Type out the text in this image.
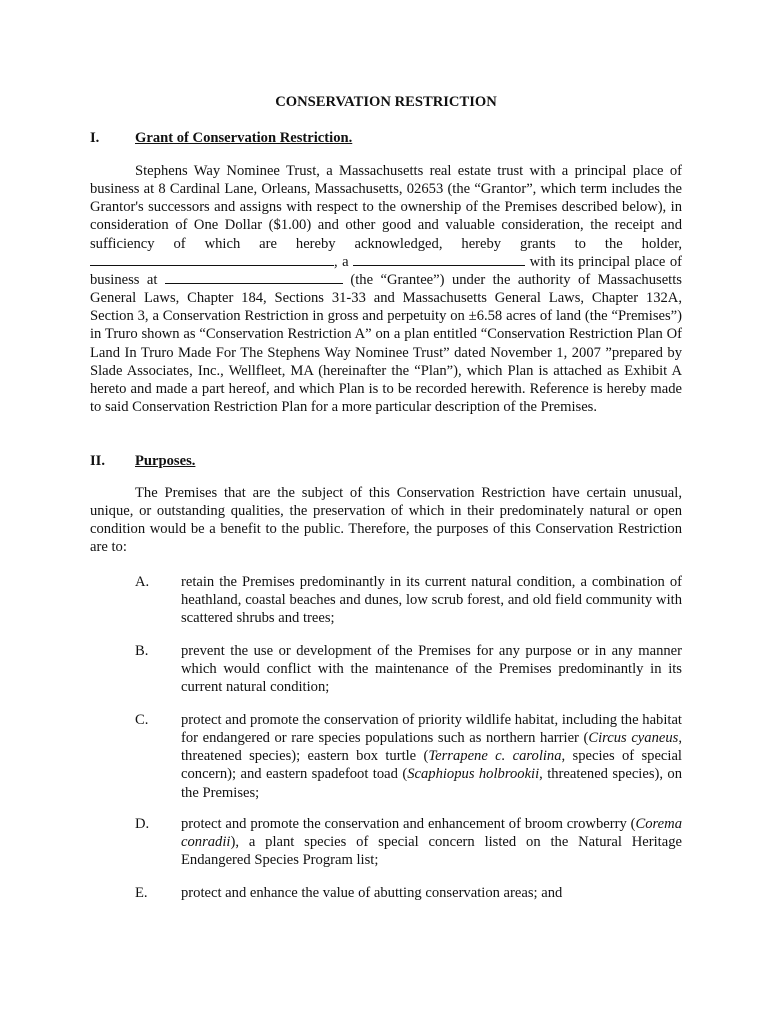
CONSERVATION RESTRICTION
I. Grant of Conservation Restriction.
Stephens Way Nominee Trust, a Massachusetts real estate trust with a principal place of business at 8 Cardinal Lane, Orleans, Massachusetts, 02653 (the “Grantor”, which term includes the Grantor's successors and assigns with respect to the ownership of the Premises described below), in consideration of One Dollar ($1.00) and other good and valuable consideration, the receipt and sufficiency of which are hereby acknowledged, hereby grants to the holder, , a	with its principal place of business at	(the “Grantee”) under the authority of Massachusetts General Laws, Chapter 184, Sections 31-33 and Massachusetts General Laws, Chapter 132A, Section 3, a Conservation Restriction in gross and perpetuity on ±6.58 acres of land (the “Premises”) in Truro shown as “Conservation Restriction A” on a plan entitled “Conservation Restriction Plan Of Land In Truro Made For The Stephens Way Nominee Trust” dated November 1, 2007 ”prepared by Slade Associates, Inc., Wellfleet, MA (hereinafter the “Plan”), which Plan is attached as Exhibit A hereto and made a part hereof, and which Plan is to be recorded herewith. Reference is hereby made to said Conservation Restriction Plan for a more particular description of the Premises.
II. Purposes.
The Premises that are the subject of this Conservation Restriction have certain unusual, unique, or outstanding qualities, the preservation of which in their predominately natural or open condition would be a benefit to the public. Therefore, the purposes of this Conservation Restriction are to:
A. retain the Premises predominantly in its current natural condition, a combination of heathland, coastal beaches and dunes, low scrub forest, and old field community with scattered shrubs and trees;
B. prevent the use or development of the Premises for any purpose or in any manner which would conflict with the maintenance of the Premises predominantly in its current natural condition;
C. protect and promote the conservation of priority wildlife habitat, including the habitat for endangered or rare species populations such as northern harrier (Circus cyaneus, threatened species); eastern box turtle (Terrapene c. carolina, species of special concern); and eastern spadefoot toad (Scaphiopus holbrookii, threatened species), on the Premises;
D. protect and promote the conservation and enhancement of broom crowberry (Corema conradii), a plant species of special concern listed on the Natural Heritage Endangered Species Program list;
E. protect and enhance the value of abutting conservation areas; and
